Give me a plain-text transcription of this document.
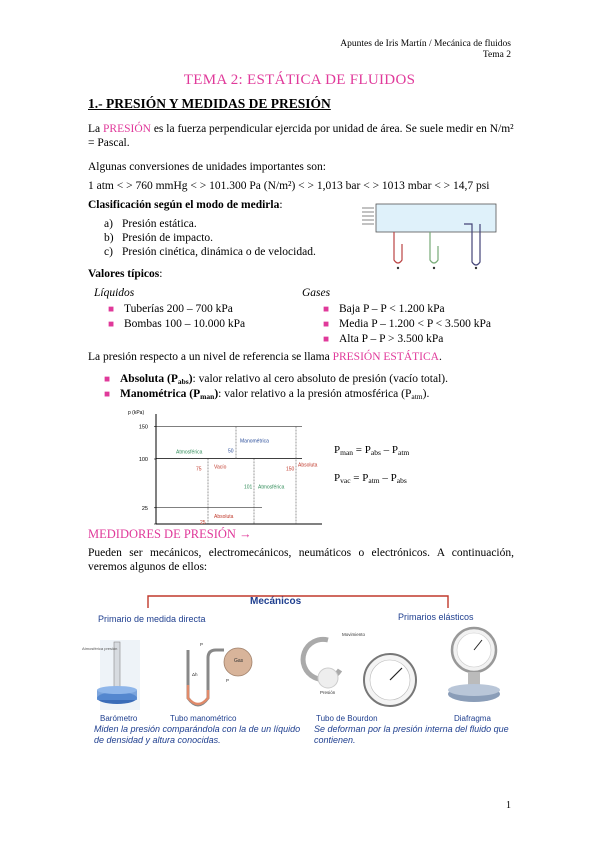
Apuntes de Iris Martín / Mecánica de fluidos
Tema 2
TEMA 2: ESTÁTICA DE FLUIDOS
1.- PRESIÓN Y MEDIDAS DE PRESIÓN
La PRESIÓN es la fuerza perpendicular ejercida por unidad de área. Se suele medir en N/m² = Pascal.
Algunas conversiones de unidades importantes son:
1 atm < > 760 mmHg < > 101.300 Pa (N/m²) < > 1,013 bar < > 1013 mbar < > 14,7 psi
Clasificación según el modo de medirla:
a) Presión estática.
b) Presión de impacto.
c) Presión cinética, dinámica o de velocidad.
Valores típicos:
Líquidos	Gases
■ Tuberías 200 – 700 kPa
■ Bombas 100 – 10.000 kPa
■ Baja P – P < 1.200 kPa
■ Media P – 1.200 < P < 3.500 kPa
■ Alta P – P > 3.500 kPa
La presión respecto a un nivel de referencia se llama PRESIÓN ESTÁTICA.
■ Absoluta $(P_{abs})$: valor relativo al cero absoluto de presión (vacío total).
■ Manométrica $(P_{man})$: valor relativo a la presión atmosférica $(P_{atm})$.
p (kPa)
25
100
150
Manométrica
50
Atmosférica
Vacío
75
Absoluta
25
Atmosférica
101
Absoluta
150
$P_{man} = P_{abs} - P_{atm}$
$P_{vac} = P_{atm} - P_{abs}$
MEDIDORES DE PRESIÓN →
Pueden ser mecánicos, electromecánicos, neumáticos o electrónicos. A continuación, veremos algunos de ellos:
Mecánicos
Primario de medida directa	Primarios elásticos
Barómetro	Tubo manométrico	Tubo de Bourdon	Diafragma
Miden la presión comparándola con la de un líquido de densidad y altura conocidas.
Se deforman por la presión interna del fluido que contienen.
Atmosférica presión
Gas
Movimiento
Presión
Δh
P
P
1
